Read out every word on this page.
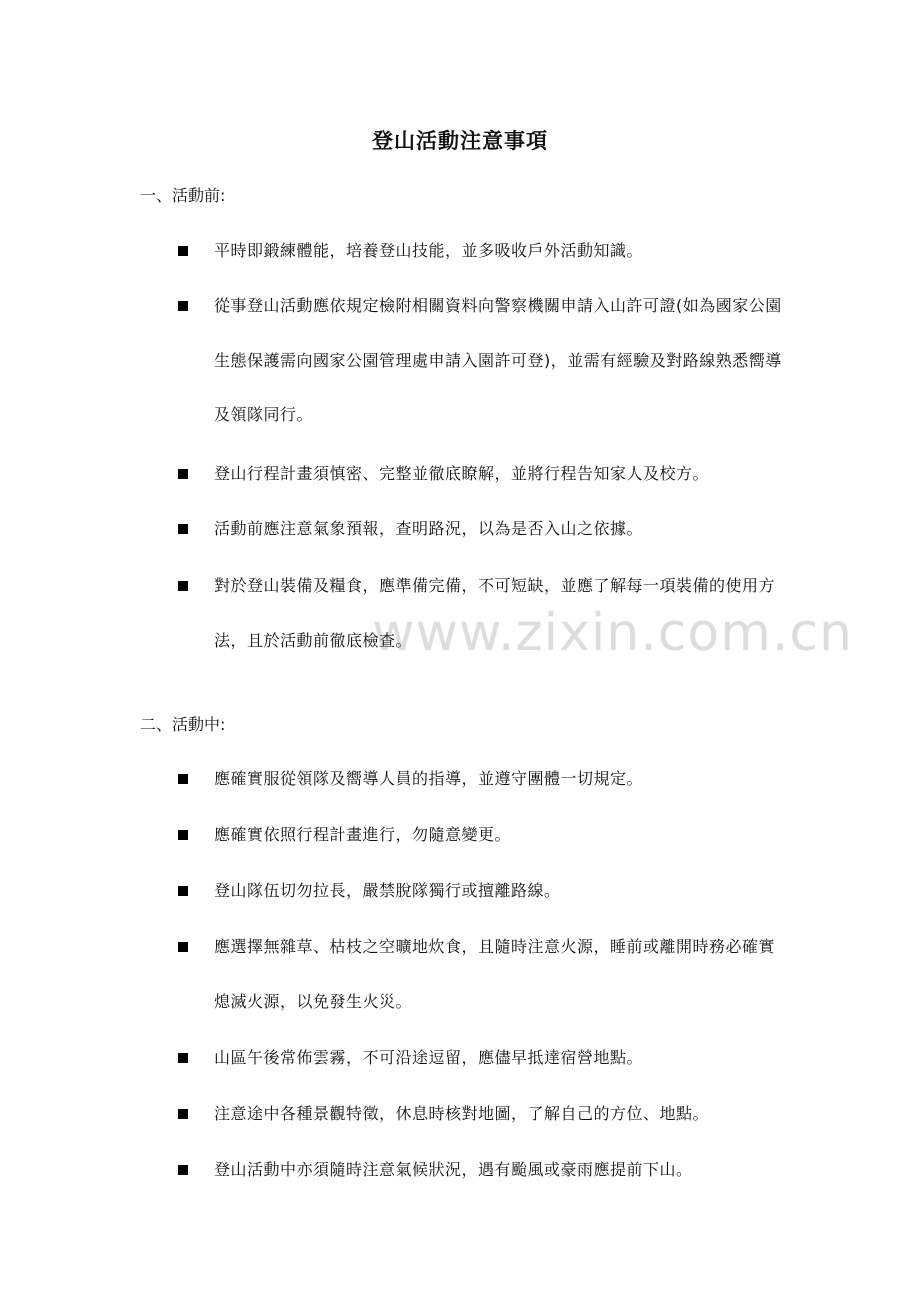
www.zixin.com.cn
登山活動注意事項
一、活動前:
平時即鍛練體能，培養登山技能，並多吸收戶外活動知識。
從事登山活動應依規定檢附相關資料向警察機關申請入山許可證(如為國家公園生態保護需向國家公園管理處申請入園許可登)，並需有經驗及對路線熟悉嚮導及領隊同行。
登山行程計畫須慎密、完整並徹底瞭解，並將行程告知家人及校方。
活動前應注意氣象預報，查明路況，以為是否入山之依據。
對於登山裝備及糧食，應準備完備，不可短缺，並應了解每一項裝備的使用方法，且於活動前徹底檢查。
二、活動中:
應確實服從領隊及嚮導人員的指導，並遵守團體一切規定。
應確實依照行程計畫進行，勿隨意變更。
登山隊伍切勿拉長，嚴禁脫隊獨行或擅離路線。
應選擇無雜草、枯枝之空曠地炊食，且隨時注意火源，睡前或離開時務必確實熄滅火源，以免發生火災。
山區午後常佈雲霧，不可沿途逗留，應儘早抵達宿營地點。
注意途中各種景觀特徵，休息時核對地圖，了解自己的方位、地點。
登山活動中亦須隨時注意氣候狀況，遇有颱風或豪雨應提前下山。
